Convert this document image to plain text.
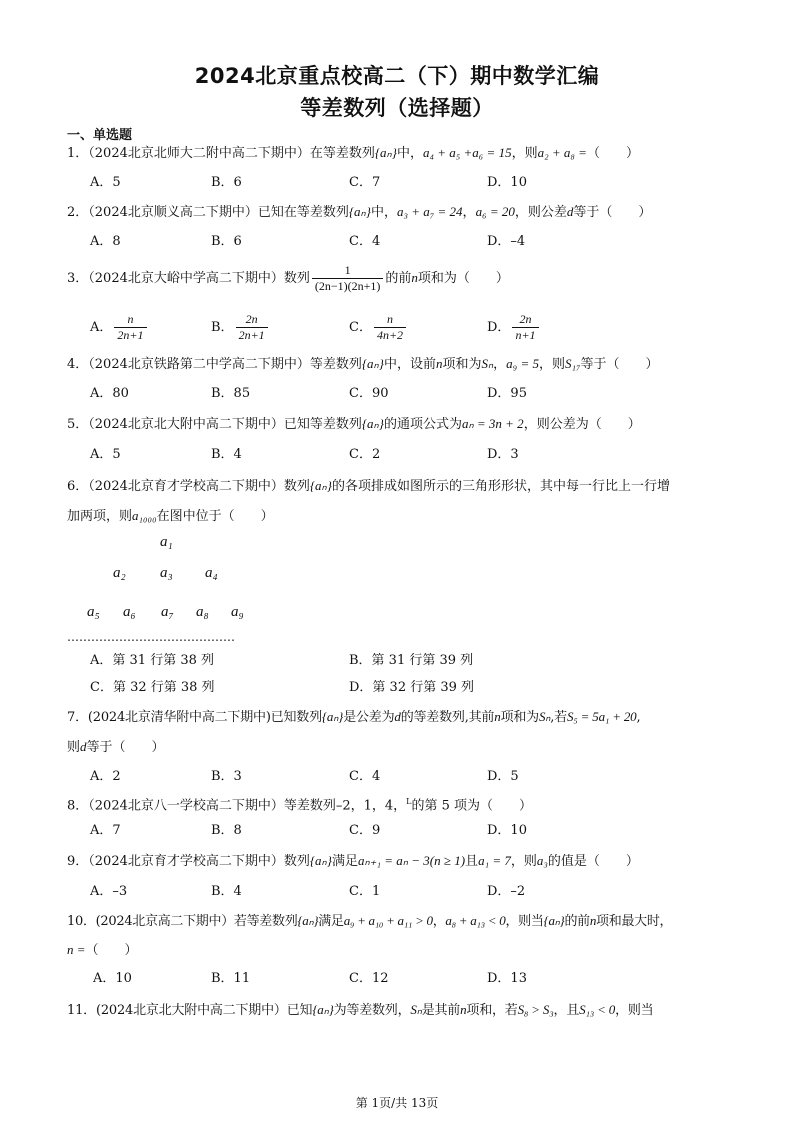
2024北京重点校高二（下）期中数学汇编
等差数列（选择题）
一、单选题
1．（2024北京北师大二附中高二下期中）在等差数列{aₙ}中，a₄ + a₅ +a₆ = 15，则a₂ + a₈ =（　　）
A．5	B．6	C．7	D．10
2．（2024北京顺义高二下期中）已知在等差数列{aₙ}中，a₃ + a₇ = 24，a₆ = 20，则公差d等于（　　）
A．8	B．6	C．4	D．–4
3．（2024北京大峪中学高二下期中）数列 $\frac{1}{(2n-1)(2n+1)}$ 的前n项和为（　　）
A． $\frac{n}{2n+1}$	B． $\frac{2n}{2n+1}$	C． $\frac{n}{4n+2}$	D． $\frac{2n}{n+1}$
4．（2024北京铁路第二中学高二下期中）等差数列{aₙ}中，设前n项和为Sₙ，a₉ = 5，则S₁₇等于（　　）
A．80	B．85	C．90	D．95
5．（2024北京北大附中高二下期中）已知等差数列{aₙ}的通项公式为aₙ = 3n + 2，则公差为（　　）
A．5	B．4	C．2	D．3
6．（2024北京育才学校高二下期中）数列{aₙ}的各项排成如图所示的三角形形状，其中每一行比上一行增
加两项，则a₁₀₀₀在图中位于（　　）
a₁
a₂ a₃ a₄
a₅ a₆ a₇ a₈ a₉
……………………………………
A．第 31 行第 38 列	B．第 31 行第 39 列
C．第 32 行第 38 列	D．第 32 行第 39 列
7．(2024北京清华附中高二下期中)已知数列{aₙ}是公差为d的等差数列,其前n项和为Sₙ,若S₅ = 5a₁ + 20,
则d等于（　　）
A．2	B．3	C．4	D．5
8．（2024北京八一学校高二下期中）等差数列–2，1，4，$^L$的第 5 项为（　　）
A．7	B．8	C．9	D．10
9．（2024北京育才学校高二下期中）数列{aₙ}满足aₙ₊₁ = aₙ − 3(n ≥ 1)且a₁ = 7，则a₃的值是（　　）
A．–3	B．4	C．1	D．–2
10．(2024北京高二下期中）若等差数列{aₙ}满足a₉ + a₁₀ + a₁₁ > 0，a₈ + a₁₃ < 0，则当{aₙ}的前n项和最大时，
n =（　　）
A．10	B．11	C．12	D．13
11．(2024北京北大附中高二下期中）已知{aₙ}为等差数列，Sₙ是其前n项和，若S₈ > S₃，且S₁₃ < 0，则当
第 1页/共 13页
